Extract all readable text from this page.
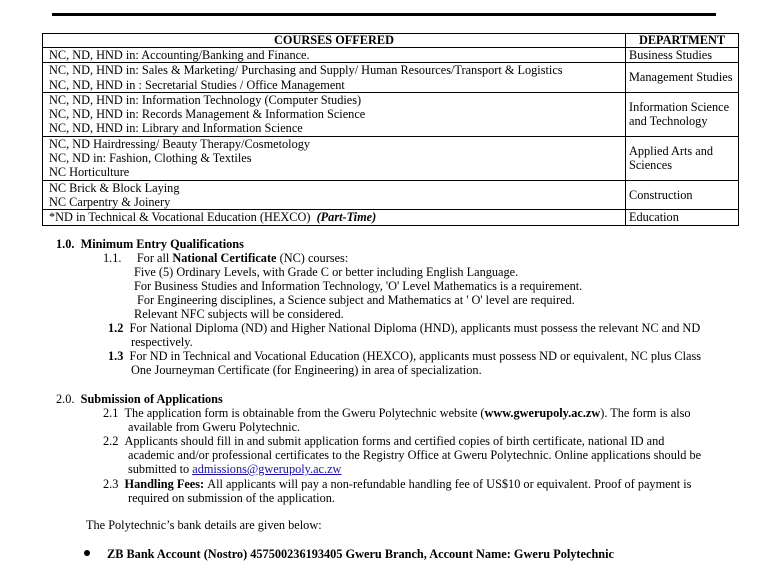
COURSES OFFERED	DEPARTMENT

NC, ND, HND in: Accounting/Banking and Finance.	Business Studies

NC, ND, HND in: Sales & Marketing/ Purchasing and Supply/ Human Resources/Transport & Logistics
NC, ND, HND in : Secretarial Studies / Office Management	Management Studies

NC, ND, HND in: Information Technology (Computer Studies)
NC, ND, HND in: Records Management & Information Science
NC, ND, HND in: Library and Information Science	Information Science and Technology

NC, ND Hairdressing/ Beauty Therapy/Cosmetology
NC, ND in: Fashion, Clothing & Textiles
NC Horticulture	Applied Arts and Sciences

NC Brick & Block Laying
NC Carpentry & Joinery	Construction
*ND in Technical & Vocational Education (HEXCO) (Part-Time)	Education
1.0. Minimum Entry Qualifications
1.1. For all National Certificate (NC) courses:
Five (5) Ordinary Levels, with Grade C or better including English Language.
For Business Studies and Information Technology, 'O' Level Mathematics is a requirement.
For Engineering disciplines, a Science subject and Mathematics at ' O' level are required.
Relevant NFC subjects will be considered.
1.2 For National Diploma (ND) and Higher National Diploma (HND), applicants must possess the relevant NC and ND
respectively.
1.3 For ND in Technical and Vocational Education (HEXCO), applicants must possess ND or equivalent, NC plus Class
One Journeyman Certificate (for Engineering) in area of specialization.
2.0. Submission of Applications
2.1 The application form is obtainable from the Gweru Polytechnic website (www.gwerupoly.ac.zw). The form is also
available from Gweru Polytechnic.
2.2 Applicants should fill in and submit application forms and certified copies of birth certificate, national ID and
academic and/or professional certificates to the Registry Office at Gweru Polytechnic. Online applications should be
submitted to admissions@gwerupoly.ac.zw
2.3 Handling Fees: All applicants will pay a non-refundable handling fee of US$10 or equivalent. Proof of payment is
required on submission of the application.
The Polytechnic’s bank details are given below:
ZB Bank Account (Nostro) 457500236193405 Gweru Branch, Account Name: Gweru Polytechnic
